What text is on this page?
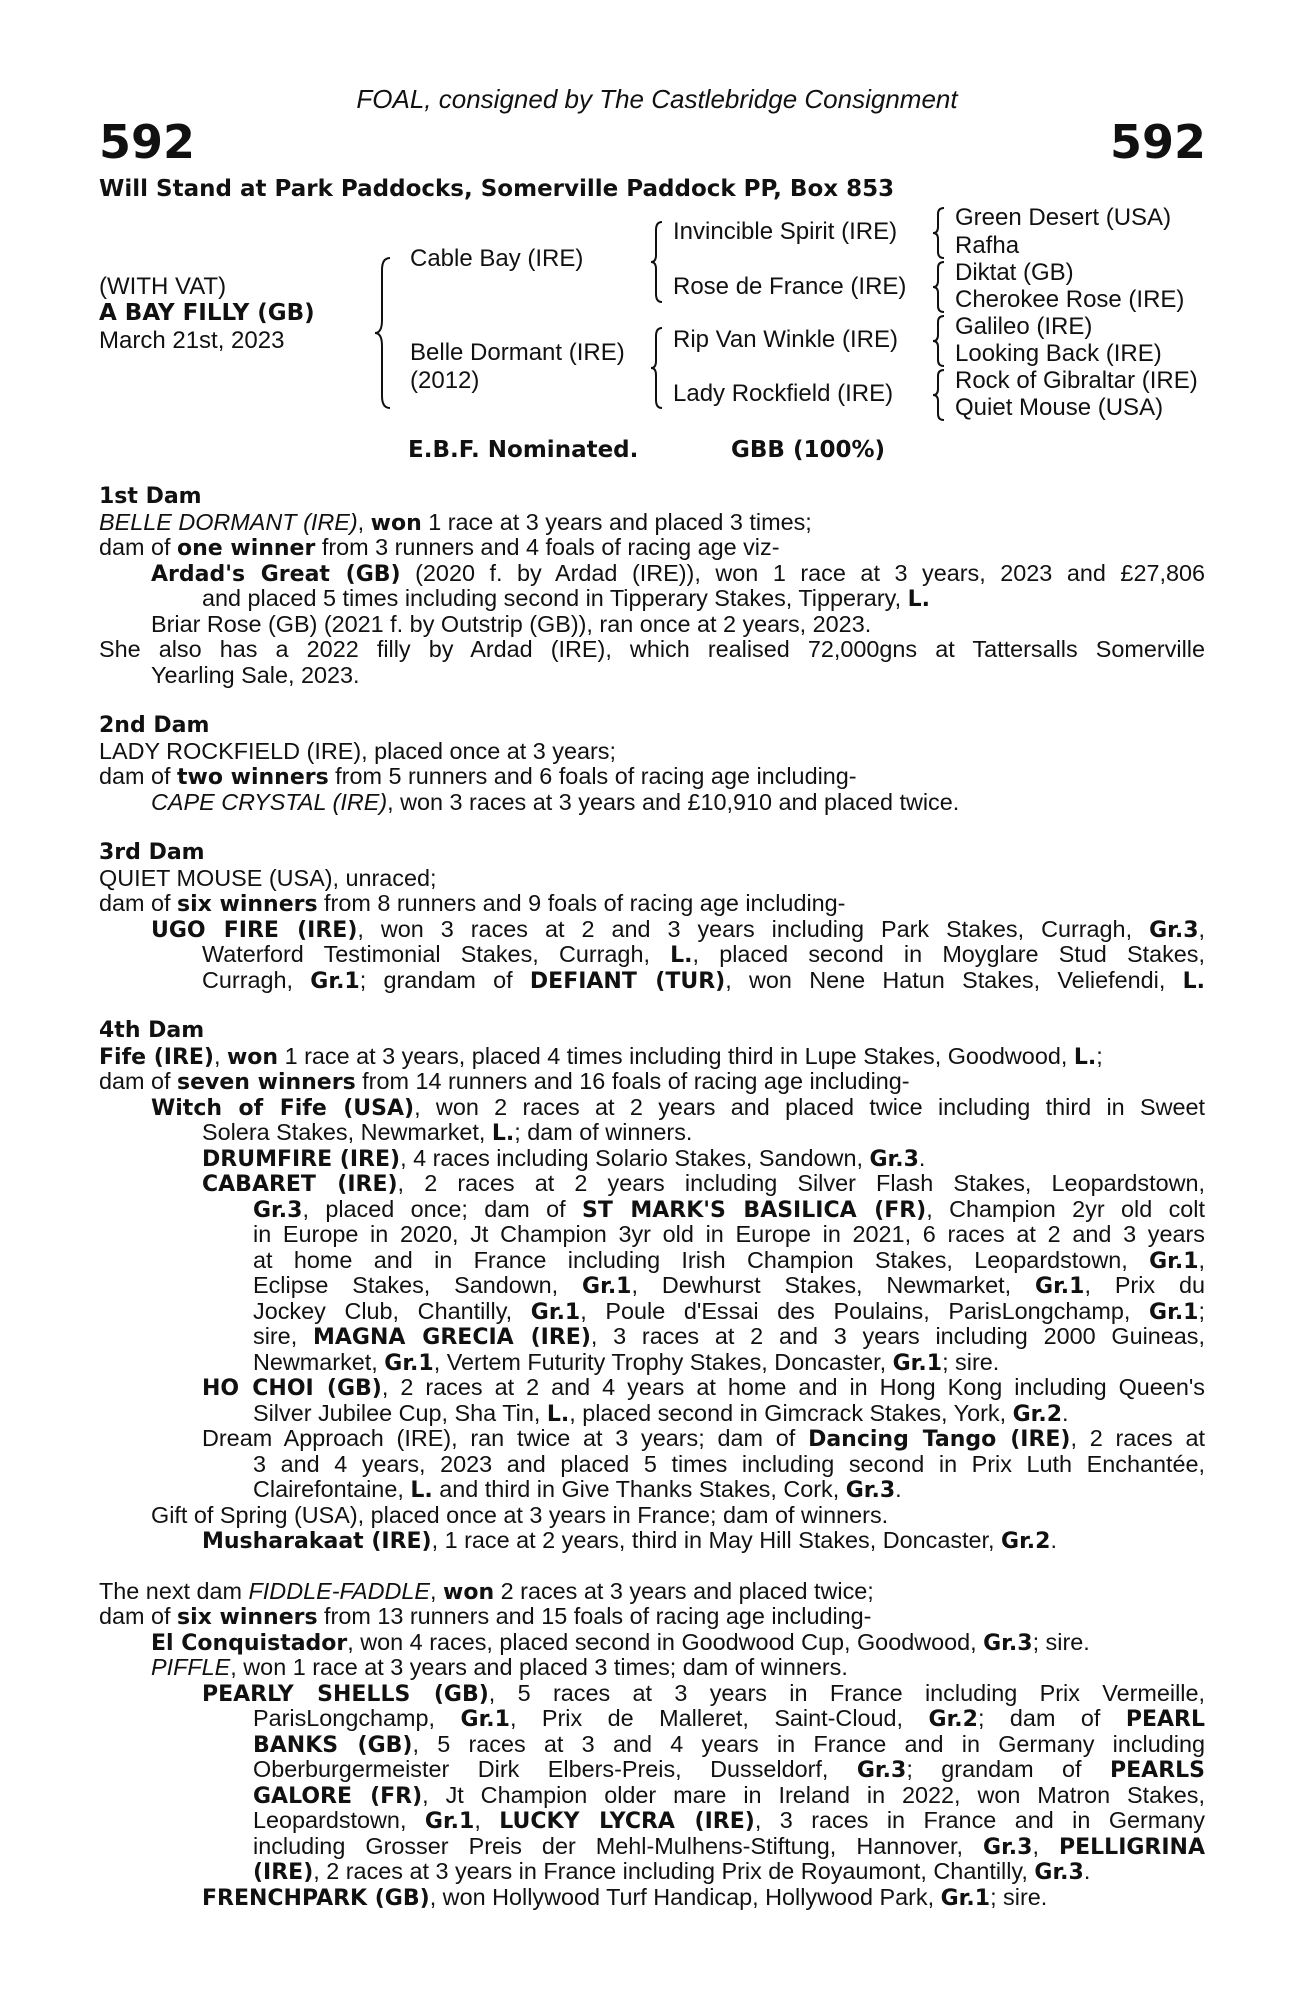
FOAL, consigned by The Castlebridge Consignment
592	592
Will Stand at Park Paddocks, Somerville Paddock PP, Box 853
(WITH VAT)
A BAY FILLY (GB)
March 21st, 2023
Cable Bay (IRE)
Belle Dormant (IRE)
(2012)
Invincible Spirit (IRE)
Rose de France (IRE)
Rip Van Winkle (IRE)
Lady Rockfield (IRE)
Green Desert (USA)
Rafha
Diktat (GB)
Cherokee Rose (IRE)
Galileo (IRE)
Looking Back (IRE)
Rock of Gibraltar (IRE)
Quiet Mouse (USA)
E.B.F. Nominated.	GBB (100%)
1st Dam
BELLE DORMANT (IRE), won 1 race at 3 years and placed 3 times;
dam of one winner from 3 runners and 4 foals of racing age viz-
Ardad's Great (GB) (2020 f. by Ardad (IRE)), won 1 race at 3 years, 2023 and £27,806
and placed 5 times including second in Tipperary Stakes, Tipperary, L.
Briar Rose (GB) (2021 f. by Outstrip (GB)), ran once at 2 years, 2023.
She also has a 2022 filly by Ardad (IRE), which realised 72,000gns at Tattersalls Somerville
Yearling Sale, 2023.
2nd Dam
LADY ROCKFIELD (IRE), placed once at 3 years;
dam of two winners from 5 runners and 6 foals of racing age including-
CAPE CRYSTAL (IRE), won 3 races at 3 years and £10,910 and placed twice.
3rd Dam
QUIET MOUSE (USA), unraced;
dam of six winners from 8 runners and 9 foals of racing age including-
UGO FIRE (IRE), won 3 races at 2 and 3 years including Park Stakes, Curragh, Gr.3,
Waterford Testimonial Stakes, Curragh, L., placed second in Moyglare Stud Stakes,
Curragh, Gr.1; grandam of DEFIANT (TUR), won Nene Hatun Stakes, Veliefendi, L.
4th Dam
Fife (IRE), won 1 race at 3 years, placed 4 times including third in Lupe Stakes, Goodwood, L.;
dam of seven winners from 14 runners and 16 foals of racing age including-
Witch of Fife (USA), won 2 races at 2 years and placed twice including third in Sweet
Solera Stakes, Newmarket, L.; dam of winners.
DRUMFIRE (IRE), 4 races including Solario Stakes, Sandown, Gr.3.
CABARET (IRE), 2 races at 2 years including Silver Flash Stakes, Leopardstown,
Gr.3, placed once; dam of ST MARK'S BASILICA (FR), Champion 2yr old colt
in Europe in 2020, Jt Champion 3yr old in Europe in 2021, 6 races at 2 and 3 years
at home and in France including Irish Champion Stakes, Leopardstown, Gr.1,
Eclipse Stakes, Sandown, Gr.1, Dewhurst Stakes, Newmarket, Gr.1, Prix du
Jockey Club, Chantilly, Gr.1, Poule d'Essai des Poulains, ParisLongchamp, Gr.1;
sire, MAGNA GRECIA (IRE), 3 races at 2 and 3 years including 2000 Guineas,
Newmarket, Gr.1, Vertem Futurity Trophy Stakes, Doncaster, Gr.1; sire.
HO CHOI (GB), 2 races at 2 and 4 years at home and in Hong Kong including Queen's
Silver Jubilee Cup, Sha Tin, L., placed second in Gimcrack Stakes, York, Gr.2.
Dream Approach (IRE), ran twice at 3 years; dam of Dancing Tango (IRE), 2 races at
3 and 4 years, 2023 and placed 5 times including second in Prix Luth Enchantée,
Clairefontaine, L. and third in Give Thanks Stakes, Cork, Gr.3.
Gift of Spring (USA), placed once at 3 years in France; dam of winners.
Musharakaat (IRE), 1 race at 2 years, third in May Hill Stakes, Doncaster, Gr.2.
The next dam FIDDLE-FADDLE, won 2 races at 3 years and placed twice;
dam of six winners from 13 runners and 15 foals of racing age including-
El Conquistador, won 4 races, placed second in Goodwood Cup, Goodwood, Gr.3; sire.
PIFFLE, won 1 race at 3 years and placed 3 times; dam of winners.
PEARLY SHELLS (GB), 5 races at 3 years in France including Prix Vermeille,
ParisLongchamp, Gr.1, Prix de Malleret, Saint-Cloud, Gr.2; dam of PEARL
BANKS (GB), 5 races at 3 and 4 years in France and in Germany including
Oberburgermeister Dirk Elbers-Preis, Dusseldorf, Gr.3; grandam of PEARLS
GALORE (FR), Jt Champion older mare in Ireland in 2022, won Matron Stakes,
Leopardstown, Gr.1, LUCKY LYCRA (IRE), 3 races in France and in Germany
including Grosser Preis der Mehl-Mulhens-Stiftung, Hannover, Gr.3, PELLIGRINA
(IRE), 2 races at 3 years in France including Prix de Royaumont, Chantilly, Gr.3.
FRENCHPARK (GB), won Hollywood Turf Handicap, Hollywood Park, Gr.1; sire.
